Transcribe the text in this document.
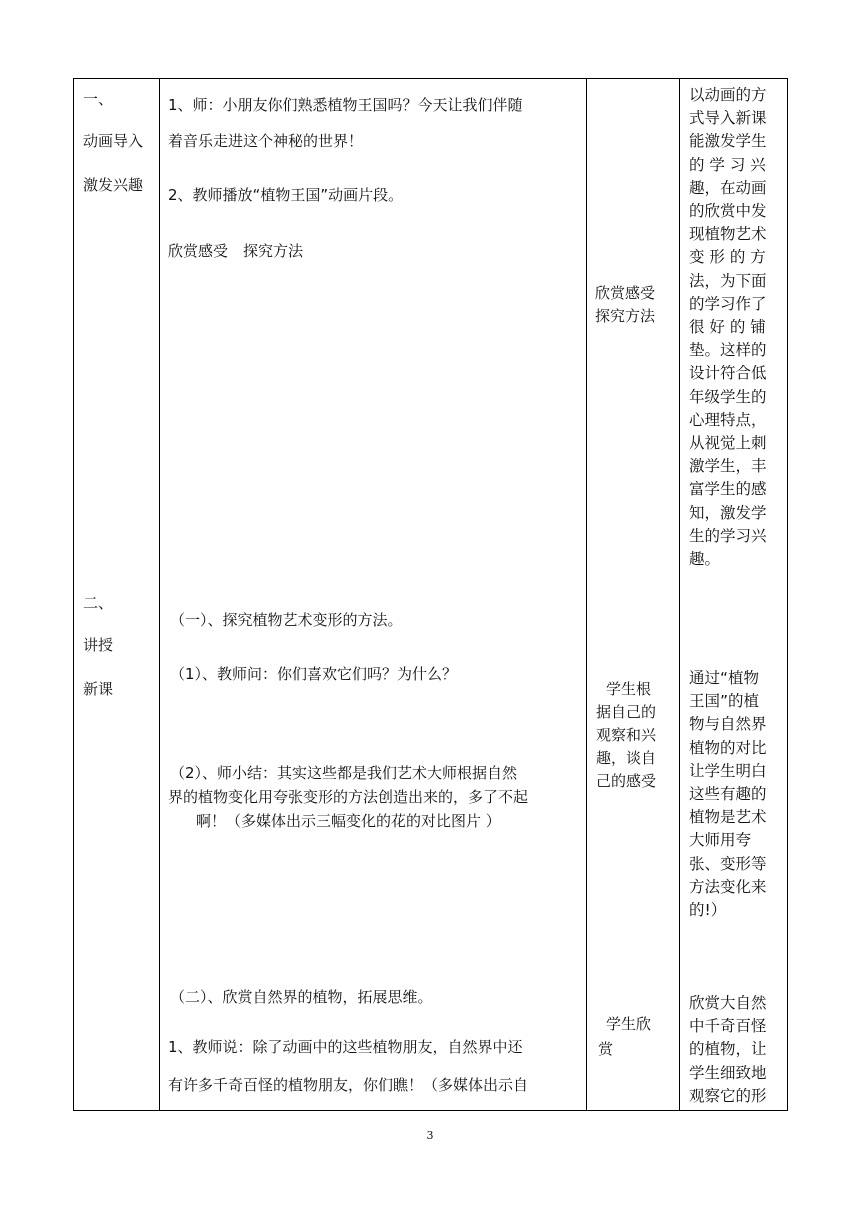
一、
动画导入
激发兴趣
二、
讲授
新课
1、师：小朋友你们熟悉植物王国吗？今天让我们伴随
着音乐走进这个神秘的世界！
2、教师播放“植物王国”动画片段。
欣赏感受　探究方法
（一）、探究植物艺术变形的方法。
（1）、教师问：你们喜欢它们吗？为什么？
（2）、师小结：其实这些都是我们艺术大师根据自然
界的植物变化用夸张变形的方法创造出来的，多了不起
啊！（多媒体出示三幅变化的花的对比图片 ）
（二）、欣赏自然界的植物，拓展思维。
1、教师说：除了动画中的这些植物朋友，自然界中还
有许多千奇百怪的植物朋友，你们瞧！（多媒体出示自
欣赏感受
探究方法
学生根
据自己的
观察和兴
趣，谈自
己的感受
学生欣
赏
以动画的方
式导入新课
能激发学生
的 学 习 兴
趣，在动画
的欣赏中发
现植物艺术
变 形 的 方
法，为下面
的学习作了
很 好 的 铺
垫。这样的
设计符合低
年级学生的
心理特点，
从视觉上刺
激学生，丰
富学生的感
知，激发学
生的学习兴
趣。
通过“植物
王国”的植
物与自然界
植物的对比
让学生明白
这些有趣的
植物是艺术
大师用夸
张、变形等
方法变化来
的!）
欣赏大自然
中千奇百怪
的植物，让
学生细致地
观察它的形
3
